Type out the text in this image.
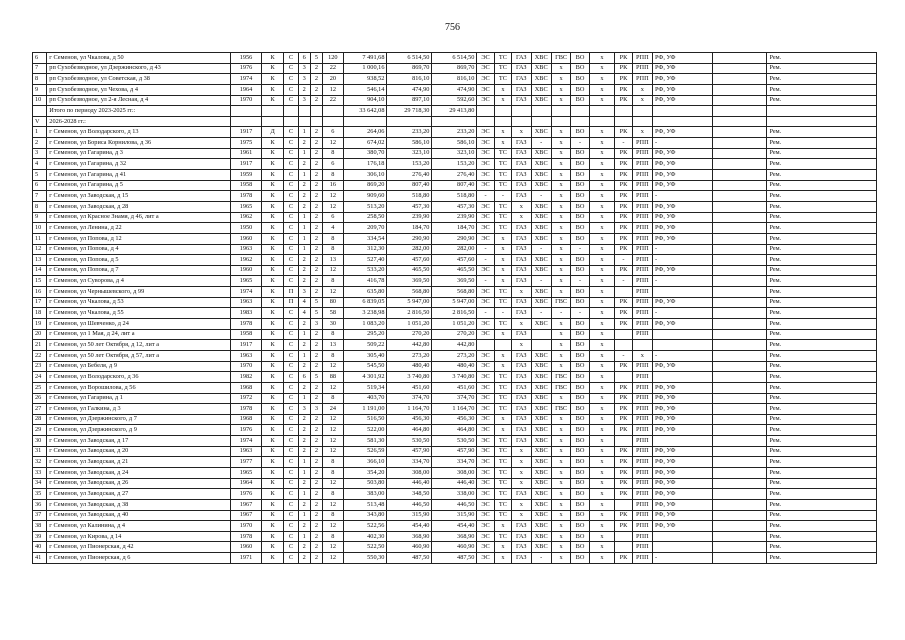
756
6	г Семенов, ул Чкалова, д 50	1956	К	С	6	5	120	7 491,68	6 514,50	6 514,50	ЭС	ТС	ГАЗ	ХВС	ГВС	ВО	х	РК	РПП	РФ, УФ		Рем.
7	рп Сухобезводное, ул Дзержинского, д 43	1976	К	С	3	2	22	1 000,16	869,70	869,70	ЭС	ТС	ГАЗ	ХВС	х	ВО	х	РК	РПП	РФ, УФ		Рем.
8	рп Сухобезводное, ул Советская, д 38	1974	К	С	3	2	20	938,52	816,10	816,10	ЭС	ТС	ГАЗ	ХВС	х	ВО	х	РК	РПП	РФ, УФ		Рем.
9	рп Сухобезводное, ул Чехова, д 4	1964	К	С	2	2	12	546,14	474,90	474,90	ЭС	х	ГАЗ	ХВС	х	ВО	х	РК	х	РФ, УФ		Рем.
10	рп Сухобезводное, ул 2-я Лесная, д 4	1970	К	С	3	2	22	904,10	897,10	592,60	ЭС	х	ГАЗ	ХВС	х	ВО	х	РК	х	РФ, УФ		Рем.
	Итого по периоду 2023-2025 гг.:							33 642,08	29 718,30	29 413,80												
V	2026-2028 гг.:																					
1	г Семенов, ул Володарского, д 13	1917	Д	С	1	2	6	264,06	233,20	233,20	ЭС	х	х	ХВС	х	ВО	х	РК	х	РФ, УФ		Рем.
2	г Семенов, ул Бориса Корнилова, д 36	1975	К	С	2	2	12	674,02	586,10	586,10	ЭС	х	ГАЗ	-	х	-	х	-	РПП	-		Рем.
3	г Семенов, ул Гагарина, д 3	1961	К	С	1	2	8	380,70	323,10	323,10	ЭС	ТС	ГАЗ	ХВС	х	ВО	х	РК	РПП	РФ, УФ		Рем.
4	г Семенов, ул Гагарина, д 32	1917	К	С	2	2	6	176,18	153,20	153,20	ЭС	ТС	ГАЗ	ХВС	х	ВО	х	РК	РПП	РФ, УФ		Рем.
5	г Семенов, ул Гагарина, д 41	1959	К	С	1	2	8	306,10	276,40	276,40	ЭС	ТС	ГАЗ	ХВС	х	ВО	х	РК	РПП	РФ, УФ		Рем.
6	г Семенов, ул Гагарина, д 5	1958	К	С	2	2	16	869,20	807,40	807,40	ЭС	ТС	ГАЗ	ХВС	х	ВО	х	РК	РПП	РФ, УФ		Рем.
7	г Семенов, ул Заводская, д 15	1978	К	С	2	2	12	909,60	518,80	518,80	-	-	ГАЗ	-	х	ВО	х	РК	РПП	-		Рем.
8	г Семенов, ул Заводская, д 28	1965	К	С	2	2	12	513,20	457,30	457,30	ЭС	ТС	х	ХВС	х	ВО	х	РК	РПП	РФ, УФ		Рем.
9	г Семенов, ул Красное Знамя, д 46, лит а	1962	К	С	1	2	6	258,50	239,90	239,90	ЭС	ТС	х	ХВС	х	ВО	х	РК	РПП	РФ, УФ		Рем.
10	г Семенов, ул Ленина, д 22	1950	К	С	1	2	4	209,70	184,70	184,70	ЭС	ТС	ГАЗ	ХВС	х	ВО	х	РК	РПП	РФ, УФ		Рем.
11	г Семенов, ул Попова, д 12	1960	К	С	1	2	8	334,54	290,90	290,90	ЭС	х	ГАЗ	ХВС	х	ВО	х	РК	РПП	РФ, УФ		Рем.
12	г Семенов, ул Попова, д 4	1963	К	С	1	2	8	312,30	282,00	282,00	-	х	ГАЗ	-	х	-	х	РК	РПП	-		Рем.
13	г Семенов, ул Попова, д 5	1962	К	С	2	2	13	527,40	457,60	457,60	-	х	ГАЗ	ХВС	х	ВО	х	-	РПП	-		Рем.
14	г Семенов, ул Попова, д 7	1960	К	С	2	2	12	533,20	465,50	465,50	ЭС	х	ГАЗ	ХВС	х	ВО	х	РК	РПП	РФ, УФ		Рем.
15	г Семенов, ул Суворова, д 4	1965	К	С	2	2	8	416,78	369,50	369,50	-	х	ГАЗ	-	х	-	х	-	РПП	-		Рем.
16	г Семенов, ул Чернышевского, д 99	1974	К	П	3	2	12	635,80	568,80	568,80	ЭС	ТС	х	ХВС	х	ВО	х		РПП			Рем.
17	г Семенов, ул Чкалова, д 53	1963	К	П	4	5	80	6 839,05	5 947,00	5 947,00	ЭС	ТС	ГАЗ	ХВС	ГВС	ВО	х	РК	РПП	РФ, УФ		Рем.
18	г Семенов, ул Чкалова, д 55	1983	К	С	4	5	58	3 238,98	2 816,50	2 816,50	-	-	ГАЗ	-	-	-	х	РК	РПП	-		Рем.
19	г Семенов, ул Шевченко, д 24	1978	К	С	2	3	30	1 083,20	1 051,20	1 051,20	ЭС	ТС	х	ХВС	х	ВО	х	РК	РПП	РФ, УФ		Рем.
20	г Семенов, ул 1 Мая, д 24, лит а	1958	К	С	1	2	8	295,20	270,20	270,20	ЭС	х	ГАЗ		х	ВО	х		РПП			Рем.
21	г Семенов, ул 50 лет Октября, д 12, лит а	1917	К	С	2	2	13	509,22	442,80	442,80			х		х	ВО	х					Рем.
22	г Семенов, ул 50 лет Октября, д 57, лит а	1963	К	С	1	2	8	305,40	273,20	273,20	ЭС	х	ГАЗ	ХВС	х	ВО	х	-	х	-		Рем.
23	г Семенов, ул Бебеля, д 9	1970	К	С	2	2	12	545,50	480,40	480,40	ЭС	х	ГАЗ	ХВС	х	ВО	х	РК	РПП	РФ, УФ		Рем.
24	г Семенов, ул Володарского, д 36	1982	К	С	6	5	88	4 301,92	3 740,80	3 740,80	ЭС	ТС	ГАЗ	ХВС	ГВС	ВО	х		РПП			Рем.
25	г Семенов, ул Ворошилова, д 56	1968	К	С	2	2	12	519,34	451,60	451,60	ЭС	ТС	ГАЗ	ХВС	ГВС	ВО	х	РК	РПП	РФ, УФ		Рем.
26	г Семенов, ул Гагарина, д 1	1972	К	С	1	2	8	403,70	374,70	374,70	ЭС	ТС	ГАЗ	ХВС	х	ВО	х	РК	РПП	РФ, УФ		Рем.
27	г Семенов, ул Галкина, д 3	1978	К	С	3	3	24	1 191,00	1 164,70	1 164,70	ЭС	ТС	ГАЗ	ХВС	ГВС	ВО	х	РК	РПП	РФ, УФ		Рем.
28	г Семенов, ул Дзержинского, д 7	1968	К	С	2	2	12	516,50	456,30	456,30	ЭС	х	ГАЗ	ХВС	х	ВО	х	РК	РПП	РФ, УФ		Рем.
29	г Семенов, ул Дзержинского, д 9	1976	К	С	2	2	12	522,00	464,80	464,80	ЭС	х	ГАЗ	ХВС	х	ВО	х	РК	РПП	РФ, УФ		Рем.
30	г Семенов, ул Заводская, д 17	1974	К	С	2	2	12	581,30	530,50	530,50	ЭС	ТС	ГАЗ	ХВС	х	ВО	х		РПП			Рем.
31	г Семенов, ул Заводская, д 20	1963	К	С	2	2	12	526,59	457,90	457,90	ЭС	ТС	х	ХВС	х	ВО	х	РК	РПП	РФ, УФ		Рем.
32	г Семенов, ул Заводская, д 21	1977	К	С	1	2	8	366,10	334,70	334,70	ЭС	ТС	х	ХВС	х	ВО	х	РК	РПП	РФ, УФ		Рем.
33	г Семенов, ул Заводская, д 24	1965	К	С	1	2	8	354,20	308,00	308,00	ЭС	ТС	х	ХВС	х	ВО	х	РК	РПП	РФ, УФ		Рем.
34	г Семенов, ул Заводская, д 26	1964	К	С	2	2	12	503,80	446,40	446,40	ЭС	ТС	х	ХВС	х	ВО	х	РК	РПП	РФ, УФ		Рем.
35	г Семенов, ул Заводская, д 27	1976	К	С	1	2	8	383,00	348,50	338,00	ЭС	ТС	ГАЗ	ХВС	х	ВО	х	РК	РПП	РФ, УФ		Рем.
36	г Семенов, ул Заводская, д 38	1967	К	С	2	2	12	513,48	446,50	446,50	ЭС	ТС	х	ХВС	х	ВО	х		РПП	РФ, УФ		Рем.
37	г Семенов, ул Заводская, д 40	1967	К	С	1	2	8	343,80	315,90	315,90	ЭС	ТС	х	ХВС	х	ВО	х	РК	РПП	РФ, УФ		Рем.
38	г Семенов, ул Калинина, д 4	1970	К	С	2	2	12	522,56	454,40	454,40	ЭС	х	ГАЗ	ХВС	х	ВО	х	РК	РПП	РФ, УФ		Рем.
39	г Семенов, ул Кирова, д 14	1978	К	С	1	2	8	402,30	368,90	368,90	ЭС	ТС	ГАЗ	ХВС	х	ВО	х		РПП			Рем.
40	г Семенов, ул Пионерская, д 42	1960	К	С	2	2	12	522,50	460,90	460,90	ЭС	х	ГАЗ	ХВС	х	ВО	х		РПП			Рем.
41	г Семенов, ул Пионерская, д 6	1971	К	С	2	2	12	550,30	487,50	487,50	ЭС	х	ГАЗ	-	х	ВО	х	РК	РПП	-		Рем.
